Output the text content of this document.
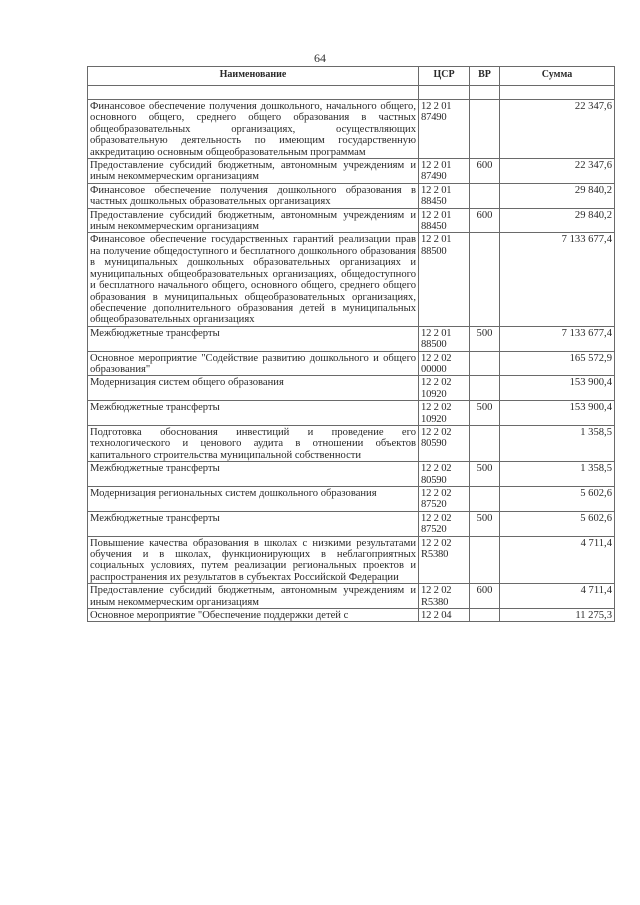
64
Наименование	ЦСР	ВР	Сумма

Финансовое обеспечение получения дошкольного, начального общего, основного общего, среднего общего образования в частных общеобразовательных организациях, осуществляющих образовательную деятельность по имеющим государственную аккредитацию основным общеобразовательным программам	12 2 01 87490		22 347,6
Предоставление субсидий бюджетным, автономным учреждениям и иным некоммерческим организациям	12 2 01 87490	600	22 347,6
Финансовое обеспечение получения дошкольного образования в частных дошкольных образовательных организациях	12 2 01 88450		29 840,2
Предоставление субсидий бюджетным, автономным учреждениям и иным некоммерческим организациям	12 2 01 88450	600	29 840,2
Финансовое обеспечение государственных гарантий реализации прав на получение общедоступного и бесплатного дошкольного образования в муниципальных дошкольных образовательных организациях и муниципальных общеобразовательных организациях, общедоступного и бесплатного начального общего, основного общего, среднего общего образования в муниципальных общеобразовательных организациях, обеспечение дополнительного образования детей в муниципальных общеобразовательных организациях	12 2 01 88500		7 133 677,4
Межбюджетные трансферты	12 2 01 88500	500	7 133 677,4
Основное мероприятие "Содействие развитию дошкольного и общего образования"	12 2 02 00000		165 572,9
Модернизация систем общего образования	12 2 02 10920		153 900,4
Межбюджетные трансферты	12 2 02 10920	500	153 900,4
Подготовка обоснования инвестиций и проведение его технологического и ценового аудита в отношении объектов капитального строительства муниципальной собственности	12 2 02 80590		1 358,5
Межбюджетные трансферты	12 2 02 80590	500	1 358,5
Модернизация региональных систем дошкольного образования	12 2 02 87520		5 602,6
Межбюджетные трансферты	12 2 02 87520	500	5 602,6
Повышение качества образования в школах с низкими результатами обучения и в школах, функционирующих в неблагоприятных социальных условиях, путем реализации региональных проектов и распространения их результатов в субъектах Российской Федерации	12 2 02 R5380		4 711,4
Предоставление субсидий бюджетным, автономным учреждениям и иным некоммерческим организациям	12 2 02 R5380	600	4 711,4
Основное мероприятие "Обеспечение поддержки детей с	12 2 04		11 275,3
